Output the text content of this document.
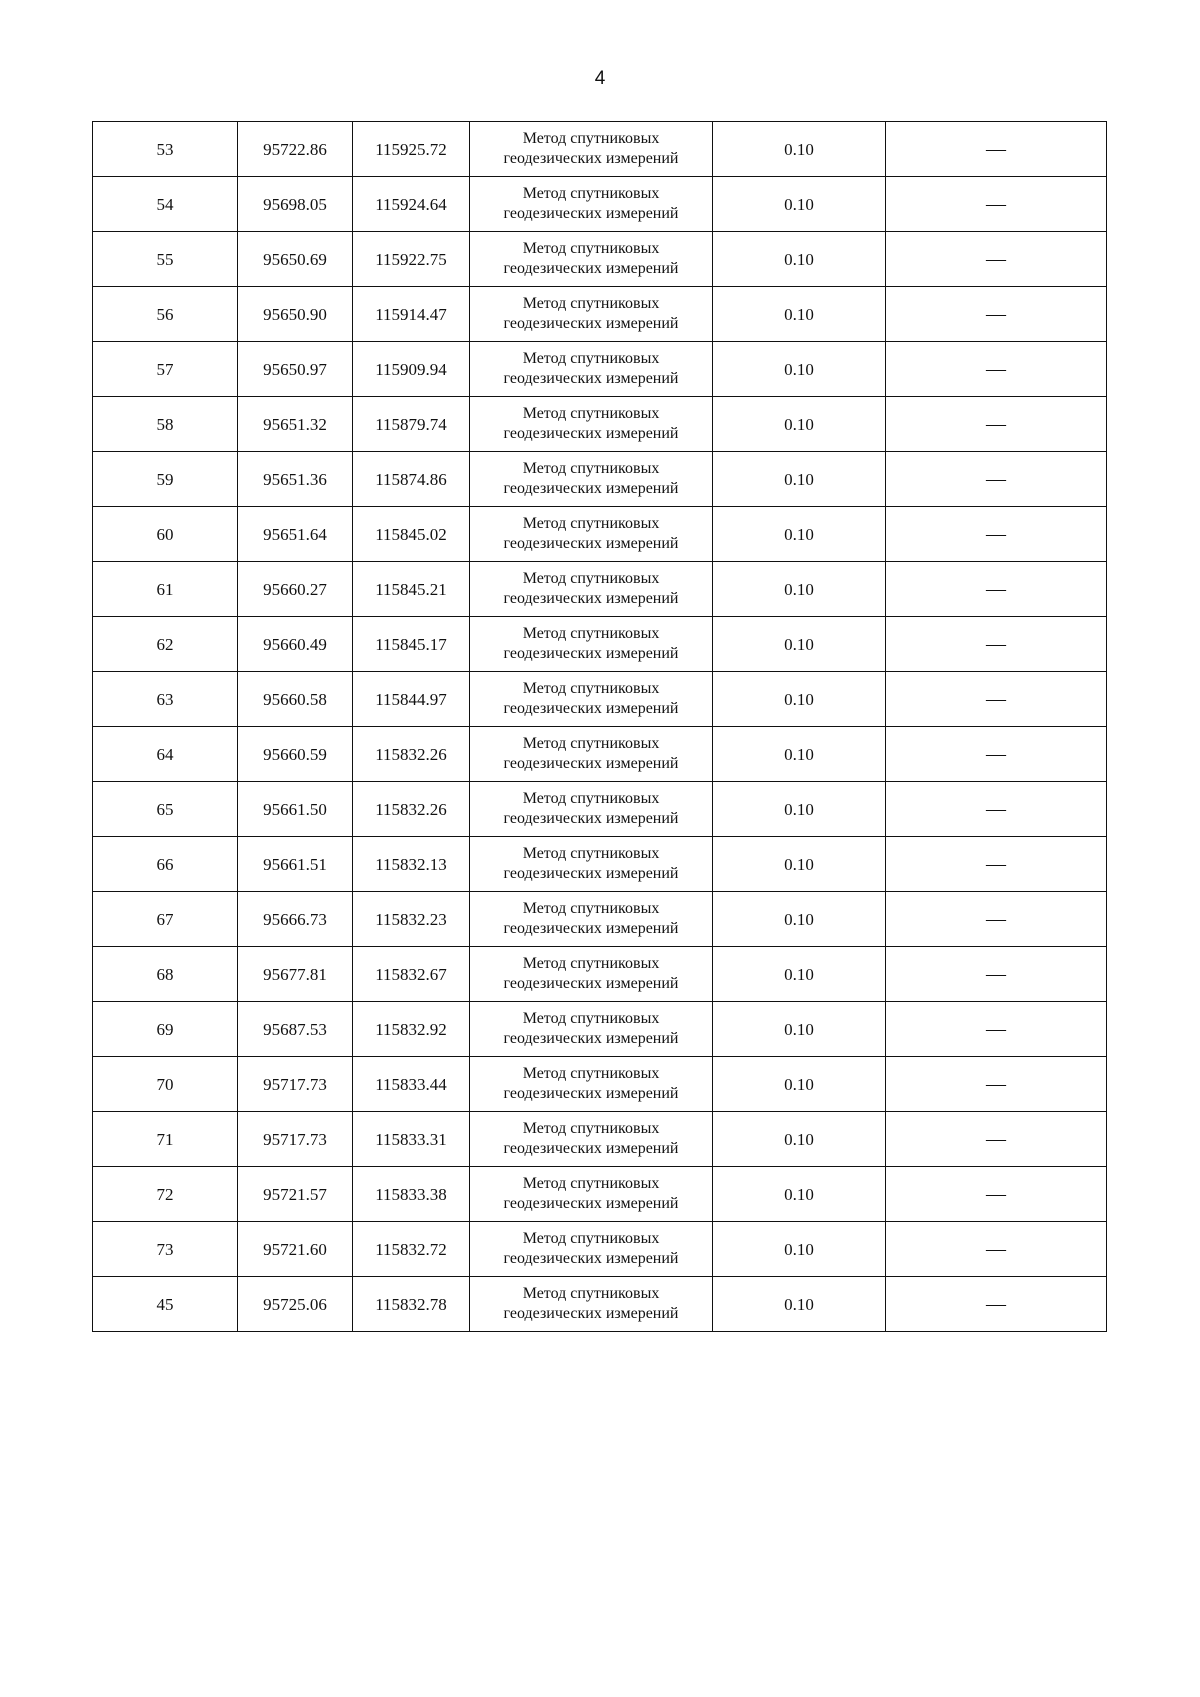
4
53	95722.86	115925.72	Метод спутниковых
геодезических измерений	0.10	—
54	95698.05	115924.64	Метод спутниковых
геодезических измерений	0.10	—
55	95650.69	115922.75	Метод спутниковых
геодезических измерений	0.10	—
56	95650.90	115914.47	Метод спутниковых
геодезических измерений	0.10	—
57	95650.97	115909.94	Метод спутниковых
геодезических измерений	0.10	—
58	95651.32	115879.74	Метод спутниковых
геодезических измерений	0.10	—
59	95651.36	115874.86	Метод спутниковых
геодезических измерений	0.10	—
60	95651.64	115845.02	Метод спутниковых
геодезических измерений	0.10	—
61	95660.27	115845.21	Метод спутниковых
геодезических измерений	0.10	—
62	95660.49	115845.17	Метод спутниковых
геодезических измерений	0.10	—
63	95660.58	115844.97	Метод спутниковых
геодезических измерений	0.10	—
64	95660.59	115832.26	Метод спутниковых
геодезических измерений	0.10	—
65	95661.50	115832.26	Метод спутниковых
геодезических измерений	0.10	—
66	95661.51	115832.13	Метод спутниковых
геодезических измерений	0.10	—
67	95666.73	115832.23	Метод спутниковых
геодезических измерений	0.10	—
68	95677.81	115832.67	Метод спутниковых
геодезических измерений	0.10	—
69	95687.53	115832.92	Метод спутниковых
геодезических измерений	0.10	—
70	95717.73	115833.44	Метод спутниковых
геодезических измерений	0.10	—
71	95717.73	115833.31	Метод спутниковых
геодезических измерений	0.10	—
72	95721.57	115833.38	Метод спутниковых
геодезических измерений	0.10	—
73	95721.60	115832.72	Метод спутниковых
геодезических измерений	0.10	—
45	95725.06	115832.78	Метод спутниковых
геодезических измерений	0.10	—
